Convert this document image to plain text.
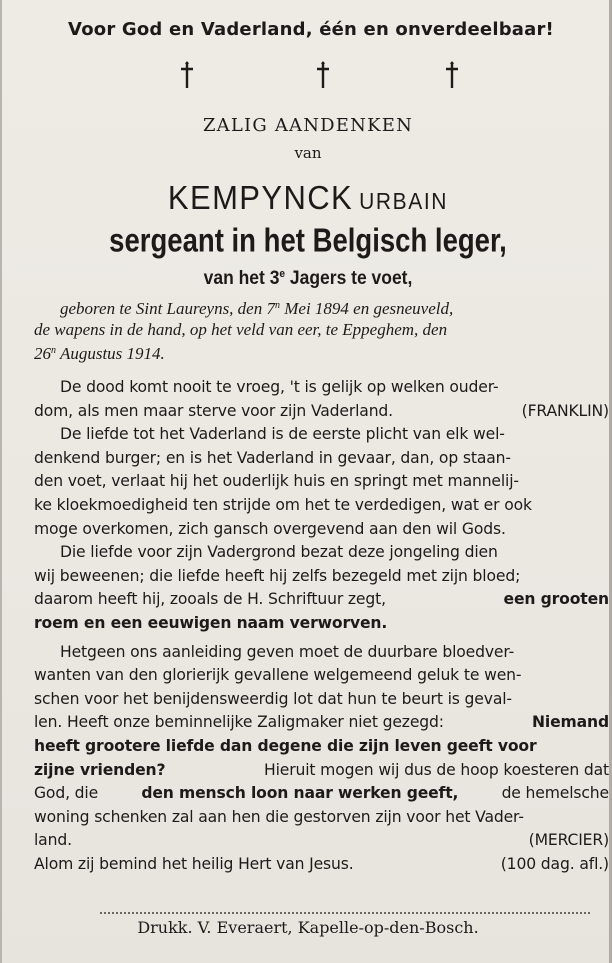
Voor God en Vaderland, één en onverdeelbaar!
ZALIG AANDENKEN
van
KEMPYNCK URBAIN
sergeant in het Belgisch leger,
van het 3e Jagers te voet,
geboren te Sint Laureyns, den 7$^n$ Mei 1894 en gesneuveld,
de wapens in de hand, op het veld van eer, te Eppeghem, den
26$^n$ Augustus 1914.
De dood komt nooit te vroeg, 't is gelijk op welken ouder-
dom, als men maar sterve voor zijn Vaderland.	(FRANKLIN)
De liefde tot het Vaderland is de eerste plicht van elk wel-
denkend burger; en is het Vaderland in gevaar, dan, op staan-
den voet, verlaat hij het ouderlijk huis en springt met mannelij-
ke kloekmoedigheid ten strijde om het te verdedigen, wat er ook
moge overkomen, zich gansch overgevend aan den wil Gods.
Die liefde voor zijn Vadergrond bezat deze jongeling dien
wij beweenen; die liefde heeft hij zelfs bezegeld met zijn bloed;
daarom heeft hij, zooals de H. Schriftuur zegt,	een grooten
roem en een eeuwigen naam verworven.
Hetgeen ons aanleiding geven moet de duurbare bloedver-
wanten van den glorierijk gevallene welgemeend geluk te wen-
schen voor het benijdensweerdig lot dat hun te beurt is geval-
len. Heeft onze beminnelijke Zaligmaker niet gezegd:	Niemand
heeft grootere liefde dan degene die zijn leven geeft voor
zijne vrienden?	Hieruit mogen wij dus de hoop koesteren dat
God, die	den mensch loon naar werken geeft,	de hemelsche
woning schenken zal aan hen die gestorven zijn voor het Vader-
land.	(MERCIER)
Alom zij bemind het heilig Hert van Jesus.	(100 dag. afl.)
Drukk. V. Everaert, Kapelle-op-den-Bosch.
